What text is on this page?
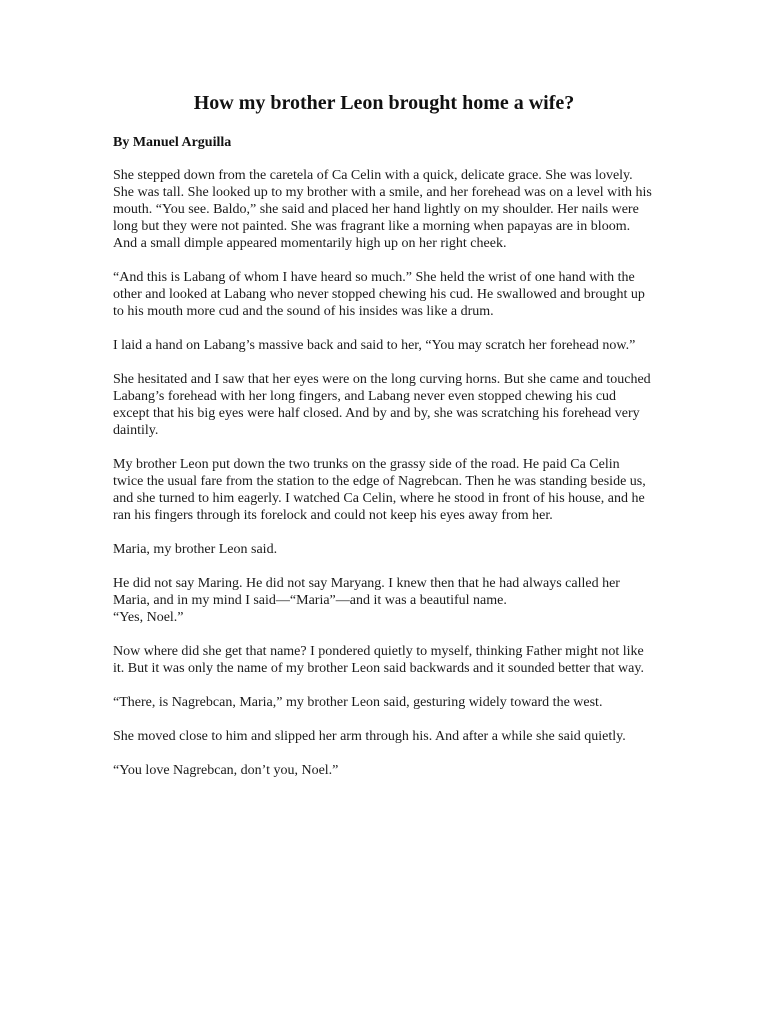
How my brother Leon brought home a wife?

By Manuel Arguilla

She stepped down from the caretela of Ca Celin with a quick, delicate grace. She was lovely. She was tall. She looked up to my brother with a smile, and her forehead was on a level with his mouth. “You see. Baldo,” she said and placed her hand lightly on my shoulder. Her nails were long but they were not painted. She was fragrant like a morning when papayas are in bloom. And a small dimple appeared momentarily high up on her right cheek.

“And this is Labang of whom I have heard so much.” She held the wrist of one hand with the other and looked at Labang who never stopped chewing his cud. He swallowed and brought up to his mouth more cud and the sound of his insides was like a drum.

I laid a hand on Labang’s massive back and said to her, “You may scratch her forehead now.”

She hesitated and I saw that her eyes were on the long curving horns. But she came and touched Labang’s forehead with her long fingers, and Labang never even stopped chewing his cud except that his big eyes were half closed. And by and by, she was scratching his forehead very daintily.

My brother Leon put down the two trunks on the grassy side of the road. He paid Ca Celin twice the usual fare from the station to the edge of Nagrebcan. Then he was standing beside us, and she turned to him eagerly. I watched Ca Celin, where he stood in front of his house, and he ran his fingers through its forelock and could not keep his eyes away from her.

Maria, my brother Leon said.

He did not say Maring. He did not say Maryang. I knew then that he had always called her Maria, and in my mind I said—“Maria”—and it was a beautiful name.

“Yes, Noel.”

Now where did she get that name? I pondered quietly to myself, thinking Father might not like it. But it was only the name of my brother Leon said backwards and it sounded better that way.

“There, is Nagrebcan, Maria,” my brother Leon said, gesturing widely toward the west.

She moved close to him and slipped her arm through his. And after a while she said quietly.

“You love Nagrebcan, don’t you, Noel.”
